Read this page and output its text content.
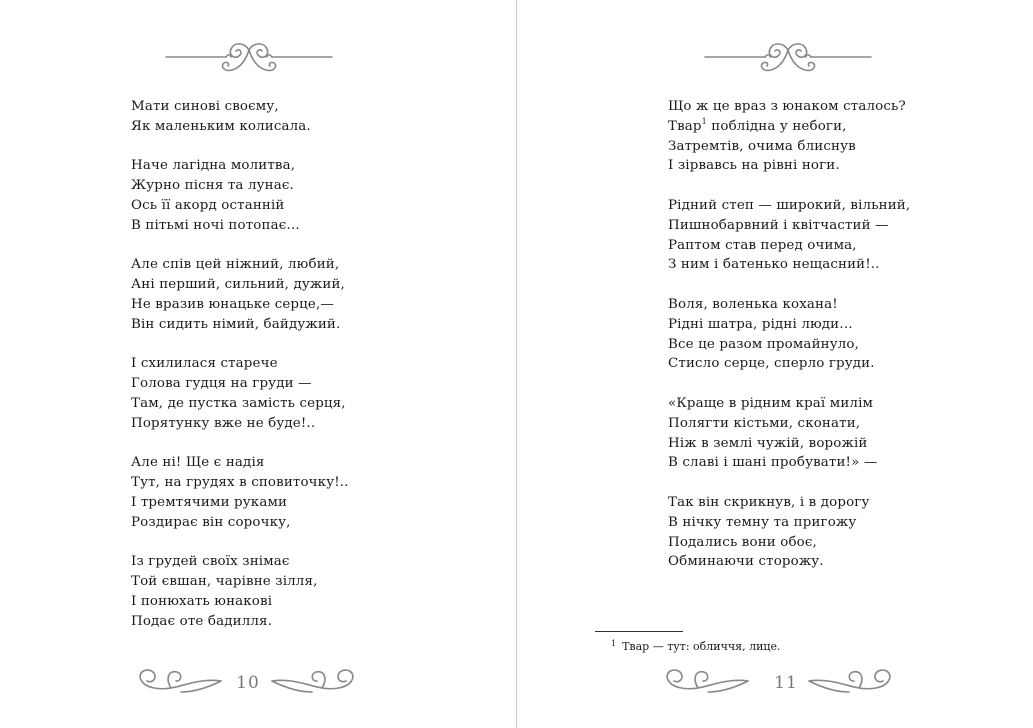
Мати синові своєму,
Як маленьким колисала.
Наче лагідна молитва,
Журно пісня та лунає.
Ось її акорд останній
В пітьмі ночі потопає…
Але спів цей ніжний, любий,
Ані перший, сильний, дужий,
Не вразив юнацьке серце,—
Він сидить німий, байдужий.
І схилилася старече
Голова гудця на груди —
Там, де пустка замість серця,
Порятунку вже не буде!..
Але ні! Ще є надія
Тут, на грудях в сповиточку!..
І тремтячими руками
Роздирає він сорочку,
Із грудей своїх знімає
Той євшан, чарівне зілля,
І понюхать юнакові
Подає оте бадилля.
10
Що ж це враз з юнаком сталось?
Твар$^1$ поблідна у небоги,
Затремтів, очима блиснув
І зірвавсь на рівні ноги.
Рідний степ — широкий, вільний,
Пишнобарвний і квітчастий —
Раптом став перед очима,
З ним і батенько нещасний!..
Воля, воленька кохана!
Рідні шатра, рідні люди…
Все це разом промайнуло,
Стисло серце, сперло груди.
«Краще в рідним краї милім
Полягти кістьми, сконати,
Ніж в землі чужій, ворожій
В славі і шані пробувати!» —
Так він скрикнув, і в дорогу
В нічку темну та пригожу
Подались вони обоє,
Обминаючи сторожу.
$^1$ Твар — тут: обличчя, лице.
11
